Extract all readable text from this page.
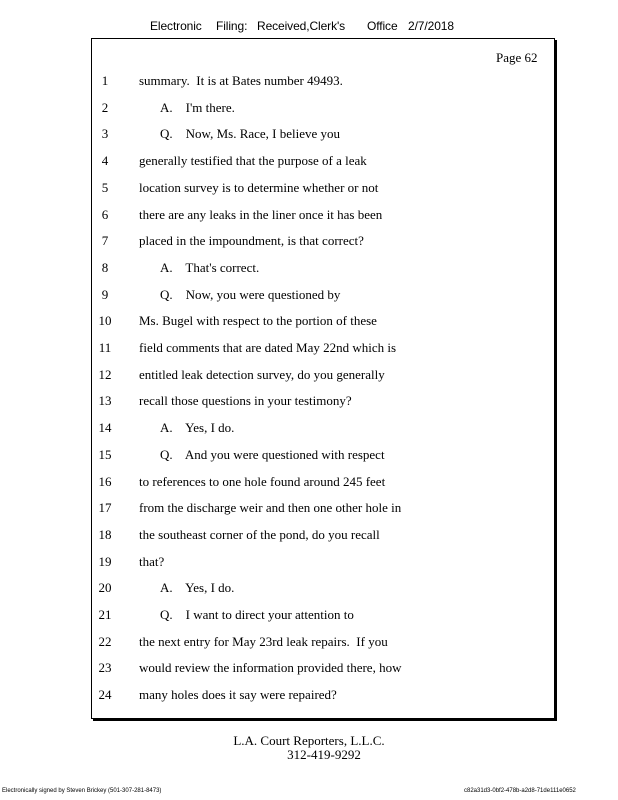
Electronic Filing: Received,Clerk's Office 2/7/2018
Page 62
1	summary.  It is at Bates number 49493.
2	A.    I'm there.
3	Q.    Now, Ms. Race, I believe you
4	generally testified that the purpose of a leak
5	location survey is to determine whether or not
6	there are any leaks in the liner once it has been
7	placed in the impoundment, is that correct?
8	A.    That's correct.
9	Q.    Now, you were questioned by
10 Ms. Bugel with respect to the portion of these
11 field comments that are dated May 22nd which is
12 entitled leak detection survey, do you generally
13 recall those questions in your testimony?
14	A.    Yes, I do.
15	Q.    And you were questioned with respect
16 to references to one hole found around 245 feet
17 from the discharge weir and then one other hole in
18 the southeast corner of the pond, do you recall
19 that?
20	A.    Yes, I do.
21	Q.    I want to direct your attention to
22 the next entry for May 23rd leak repairs.  If you
23 would review the information provided there, how
24 many holes does it say were repaired?
L.A. Court Reporters, L.L.C.
312-419-9292
Electronically signed by Steven Brickey (501-307-281-8473)	c82a31d3-0bf2-478b-a2d8-71de111e0652
